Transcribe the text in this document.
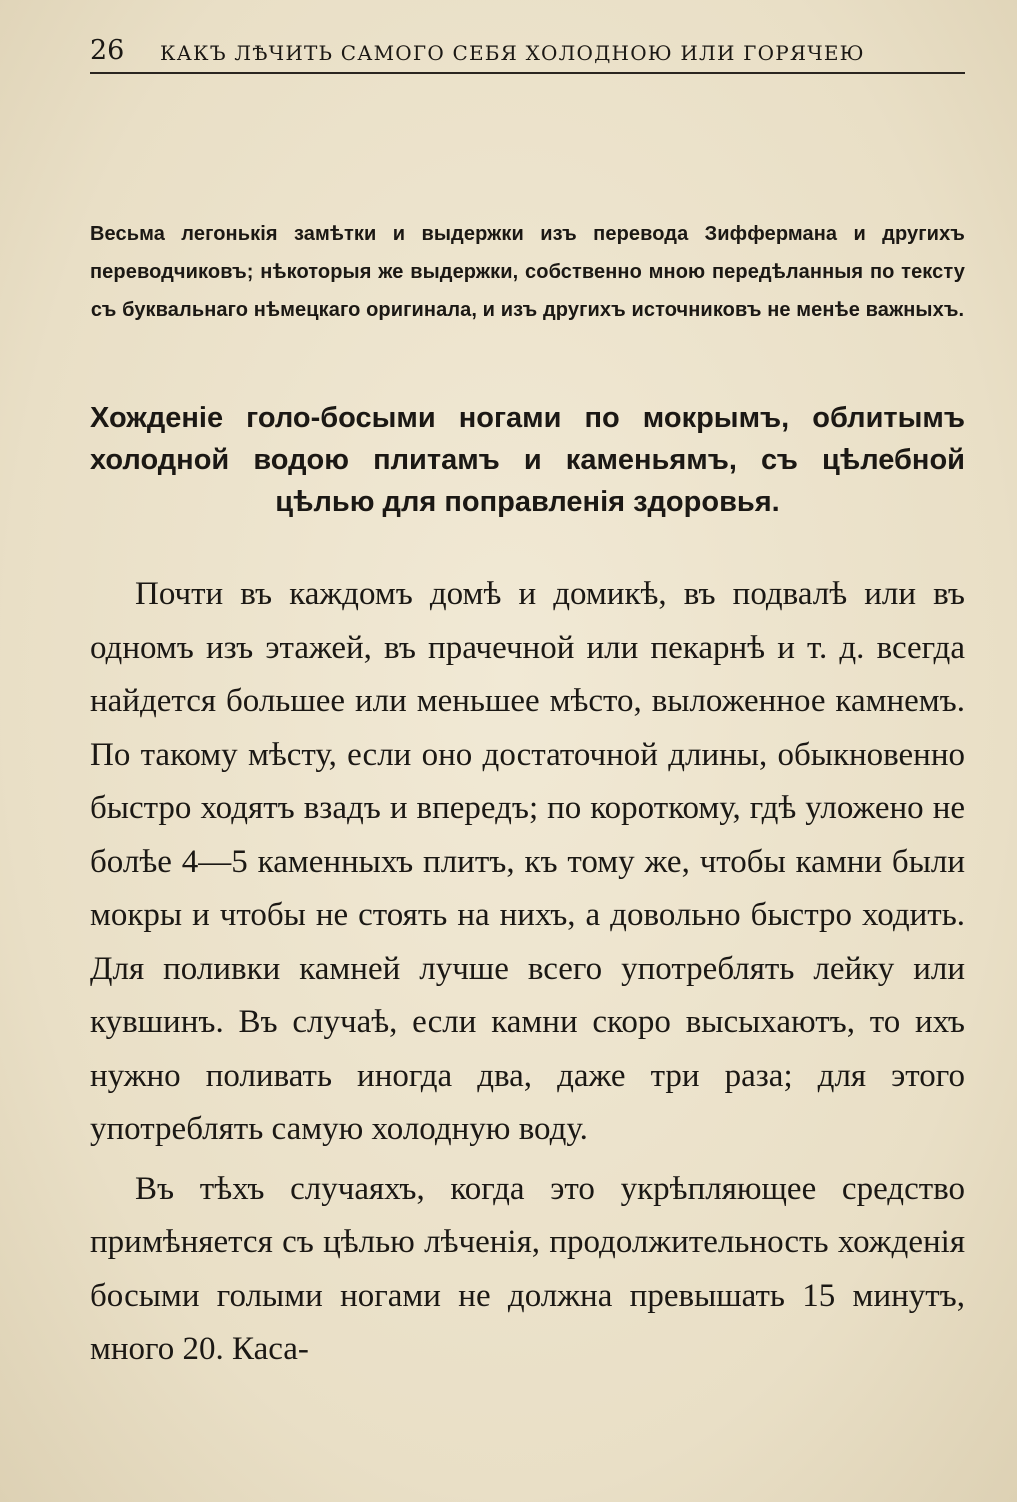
26 КАКЪ ЛѢЧИТЬ САМОГО СЕБЯ ХОЛОДНОЮ ИЛИ ГОРЯЧЕЮ
Весьма легонькія замѣтки и выдержки изъ перевода Зиффермана и другихъ переводчиковъ; нѣкоторыя же выдержки, собственно мною передѣланныя по тексту съ буквальнаго нѣмецкаго оригинала, и изъ другихъ источниковъ не менѣе важныхъ.
Хожденіе голо-босыми ногами по мокрымъ, облитымъ холодной водою плитамъ и каменьямъ, съ цѣлебной цѣлью для поправленія здоровья.

Почти въ каждомъ домѣ и домикѣ, въ подвалѣ или въ одномъ изъ этажей, въ прачечной или пекарнѣ и т. д. всегда найдется большее или меньшее мѣсто, выложенное камнемъ. По такому мѣсту, если оно достаточной длины, обыкновенно быстро ходятъ взадъ и впередъ; по короткому, гдѣ уложено не болѣе 4—5 каменныхъ плитъ, къ тому же, чтобы камни были мокры и чтобы не стоять на нихъ, а довольно быстро ходить. Для поливки камней лучше всего употреблять лейку или кувшинъ. Въ случаѣ, если камни скоро высыхаютъ, то ихъ нужно поливать иногда два, даже три раза; для этого употреблять самую холодную воду.

Въ тѣхъ случаяхъ, когда это укрѣпляющее средство примѣняется съ цѣлью лѣченія, продолжительность хожденія босыми голыми ногами не должна превышать 15 минутъ, много 20. Каса-
